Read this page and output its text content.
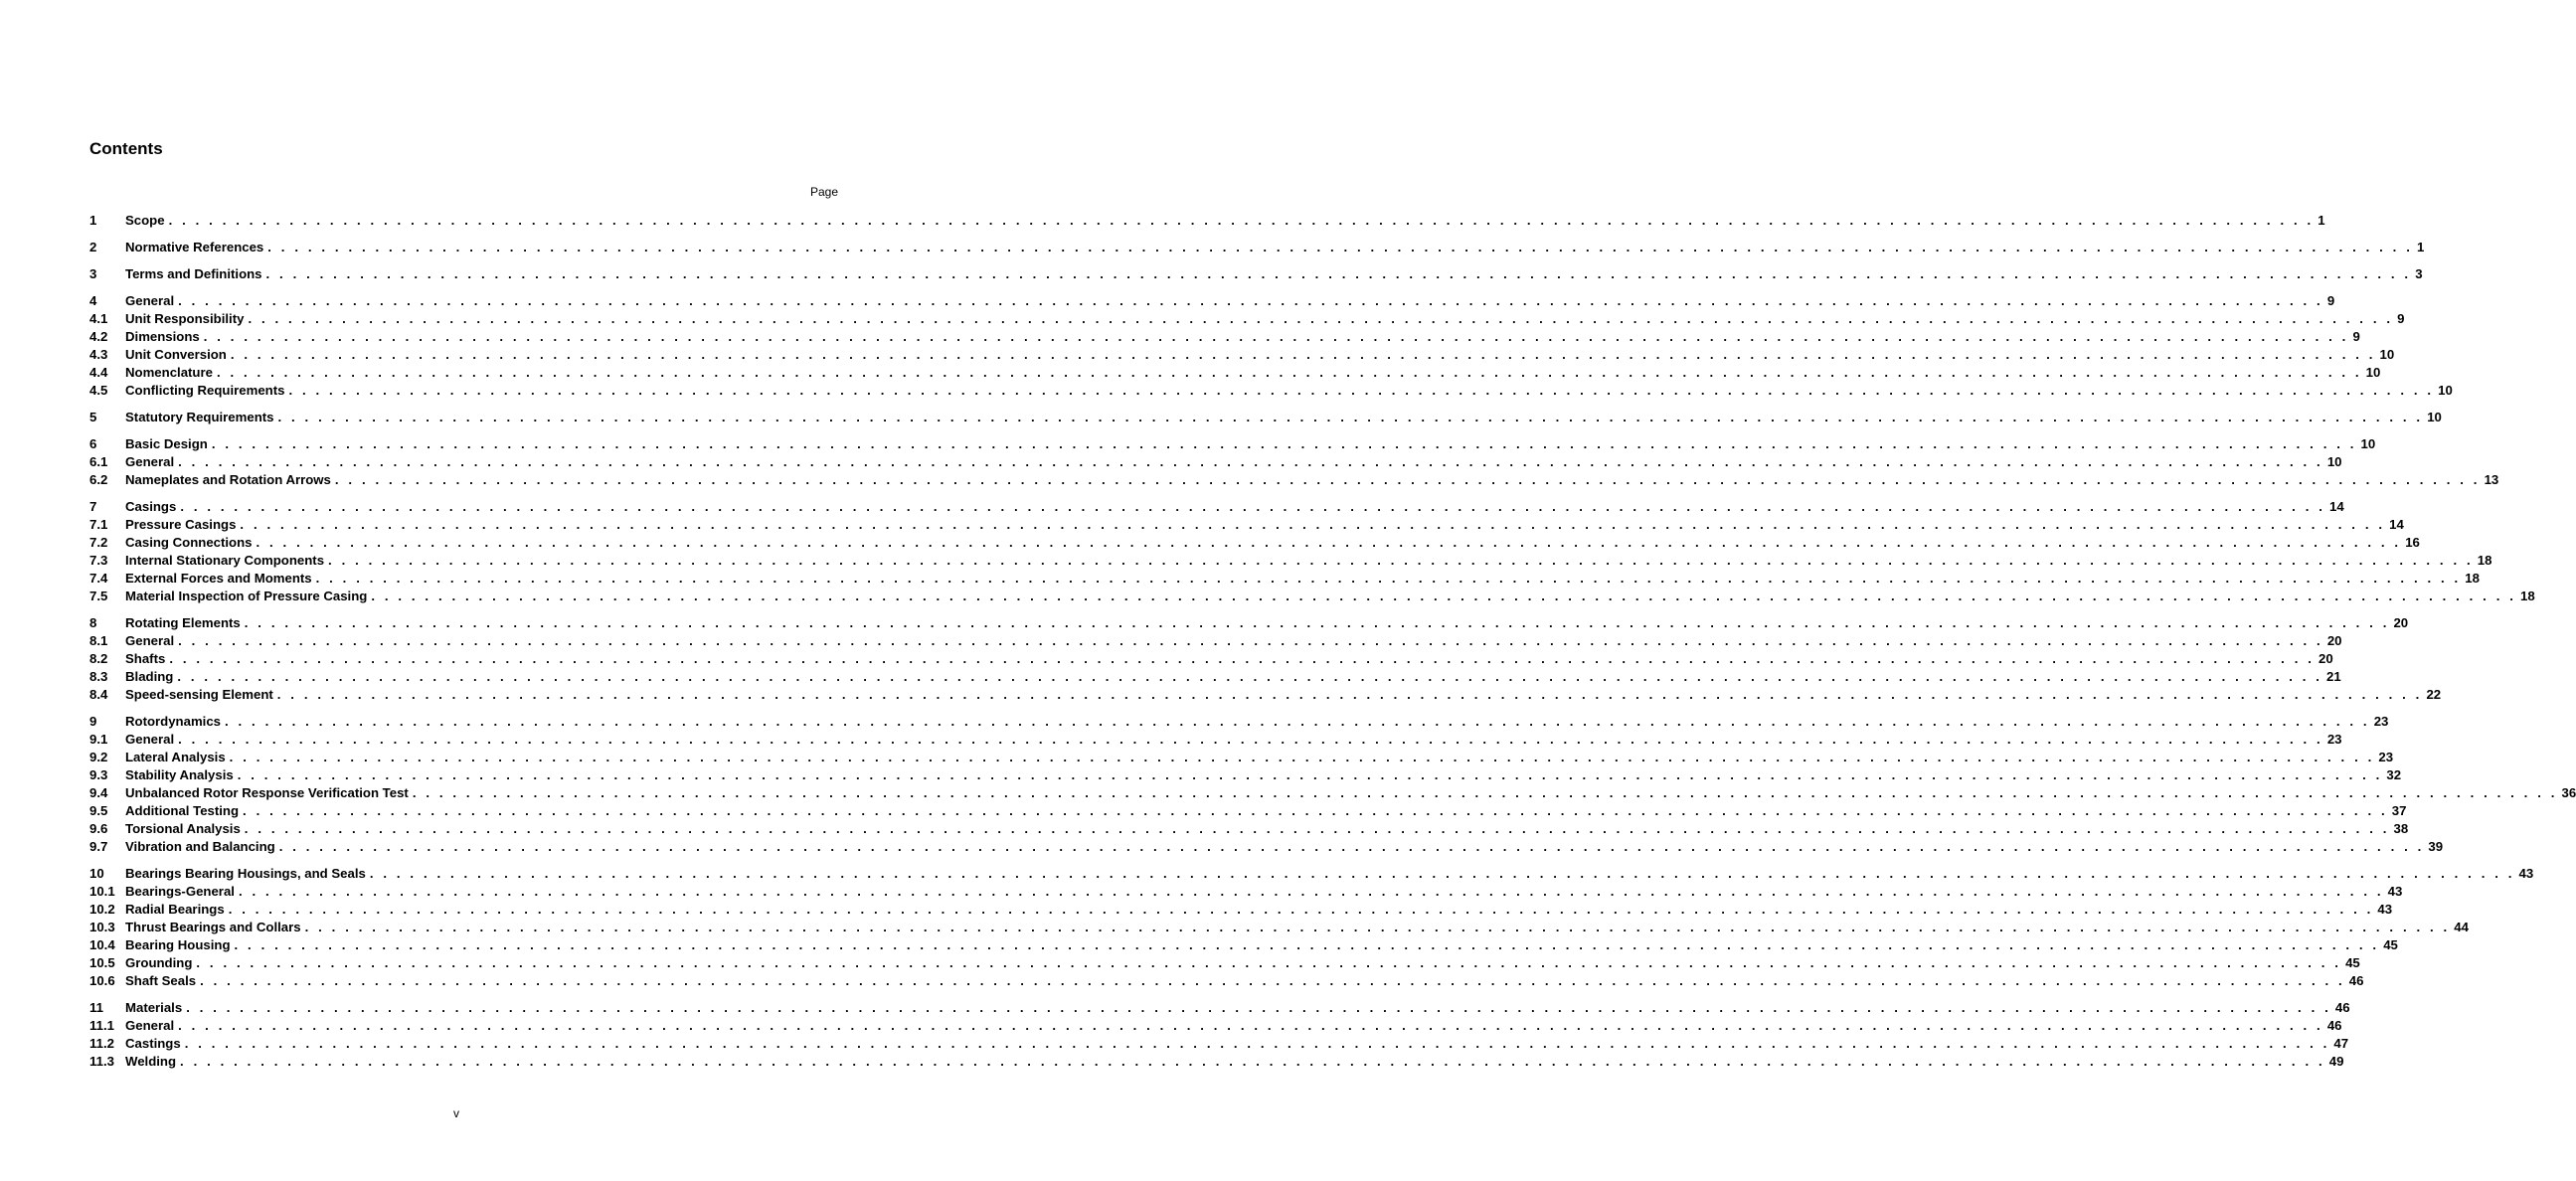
Contents
Page
1	Scope . . . . . . . . . . . . . . . . . . . . . . . . . . . . . . . . . . . . . . . . . . . . . . . . . . . . . . . . . . . . . . . . . . . . . . . . . . . . . . . . . . . . . . . . . . . . . . . . . . . . . . . . . . . . . . . . . . . . . . . . . . . . . . . . . . . . . . . . . . . . . . . . . . . . . . . . . . . . . . . . 1
2	Normative References . . . . . . . . . . . . . . . . . . . . . . . . . . . . . . . . . . . . . . . . . . . . . . . . . . . . . . . . . . . . . . . . . . . . . . . . . . . . . . . . . . . . . . . . . . . . . . . . . . . . . . . . . . . . . . . . . . . . . . . . . . . . . . . . . . . . . . . . . . . . . . . . . . . . . . . . . . . . . . . . 1
3	Terms and Definitions . . . . . . . . . . . . . . . . . . . . . . . . . . . . . . . . . . . . . . . . . . . . . . . . . . . . . . . . . . . . . . . . . . . . . . . . . . . . . . . . . . . . . . . . . . . . . . . . . . . . . . . . . . . . . . . . . . . . . . . . . . . . . . . . . . . . . . . . . . . . . . . . . . . . . . . . . . . . . . . . 3
4	General . . . . . . . . . . . . . . . . . . . . . . . . . . . . . . . . . . . . . . . . . . . . . . . . . . . . . . . . . . . . . . . . . . . . . . . . . . . . . . . . . . . . . . . . . . . . . . . . . . . . . . . . . . . . . . . . . . . . . . . . . . . . . . . . . . . . . . . . . . . . . . . . . . . . . . . . . . . . . . . . 9
4.1	Unit Responsibility . . . . . . . . . . . . . . . . . . . . . . . . . . . . . . . . . . . . . . . . . . . . . . . . . . . . . . . . . . . . . . . . . . . . . . . . . . . . . . . . . . . . . . . . . . . . . . . . . . . . . . . . . . . . . . . . . . . . . . . . . . . . . . . . . . . . . . . . . . . . . . . . . . . . . . . . . . . . . . . . 9
4.2	Dimensions . . . . . . . . . . . . . . . . . . . . . . . . . . . . . . . . . . . . . . . . . . . . . . . . . . . . . . . . . . . . . . . . . . . . . . . . . . . . . . . . . . . . . . . . . . . . . . . . . . . . . . . . . . . . . . . . . . . . . . . . . . . . . . . . . . . . . . . . . . . . . . . . . . . . . . . . . . . . . . . . 9
4.3	Unit Conversion . . . . . . . . . . . . . . . . . . . . . . . . . . . . . . . . . . . . . . . . . . . . . . . . . . . . . . . . . . . . . . . . . . . . . . . . . . . . . . . . . . . . . . . . . . . . . . . . . . . . . . . . . . . . . . . . . . . . . . . . . . . . . . . . . . . . . . . . . . . . . . . . . . . . . . . . . . . . . . . . 10
4.4	Nomenclature . . . . . . . . . . . . . . . . . . . . . . . . . . . . . . . . . . . . . . . . . . . . . . . . . . . . . . . . . . . . . . . . . . . . . . . . . . . . . . . . . . . . . . . . . . . . . . . . . . . . . . . . . . . . . . . . . . . . . . . . . . . . . . . . . . . . . . . . . . . . . . . . . . . . . . . . . . . . . . . . 10
4.5	Conflicting Requirements . . . . . . . . . . . . . . . . . . . . . . . . . . . . . . . . . . . . . . . . . . . . . . . . . . . . . . . . . . . . . . . . . . . . . . . . . . . . . . . . . . . . . . . . . . . . . . . . . . . . . . . . . . . . . . . . . . . . . . . . . . . . . . . . . . . . . . . . . . . . . . . . . . . . . . . . . . . . . . . . 10
5	Statutory Requirements . . . . . . . . . . . . . . . . . . . . . . . . . . . . . . . . . . . . . . . . . . . . . . . . . . . . . . . . . . . . . . . . . . . . . . . . . . . . . . . . . . . . . . . . . . . . . . . . . . . . . . . . . . . . . . . . . . . . . . . . . . . . . . . . . . . . . . . . . . . . . . . . . . . . . . . . . . . . . . . . 10
6	Basic Design . . . . . . . . . . . . . . . . . . . . . . . . . . . . . . . . . . . . . . . . . . . . . . . . . . . . . . . . . . . . . . . . . . . . . . . . . . . . . . . . . . . . . . . . . . . . . . . . . . . . . . . . . . . . . . . . . . . . . . . . . . . . . . . . . . . . . . . . . . . . . . . . . . . . . . . . . . . . . . . . 10
6.1	General . . . . . . . . . . . . . . . . . . . . . . . . . . . . . . . . . . . . . . . . . . . . . . . . . . . . . . . . . . . . . . . . . . . . . . . . . . . . . . . . . . . . . . . . . . . . . . . . . . . . . . . . . . . . . . . . . . . . . . . . . . . . . . . . . . . . . . . . . . . . . . . . . . . . . . . . . . . . . . . . 10
6.2	Nameplates and Rotation Arrows . . . . . . . . . . . . . . . . . . . . . . . . . . . . . . . . . . . . . . . . . . . . . . . . . . . . . . . . . . . . . . . . . . . . . . . . . . . . . . . . . . . . . . . . . . . . . . . . . . . . . . . . . . . . . . . . . . . . . . . . . . . . . . . . . . . . . . . . . . . . . . . . . . . . . . . . . . . . . . . . 13
7	Casings . . . . . . . . . . . . . . . . . . . . . . . . . . . . . . . . . . . . . . . . . . . . . . . . . . . . . . . . . . . . . . . . . . . . . . . . . . . . . . . . . . . . . . . . . . . . . . . . . . . . . . . . . . . . . . . . . . . . . . . . . . . . . . . . . . . . . . . . . . . . . . . . . . . . . . . . . . . . . . . . 14
7.1	Pressure Casings . . . . . . . . . . . . . . . . . . . . . . . . . . . . . . . . . . . . . . . . . . . . . . . . . . . . . . . . . . . . . . . . . . . . . . . . . . . . . . . . . . . . . . . . . . . . . . . . . . . . . . . . . . . . . . . . . . . . . . . . . . . . . . . . . . . . . . . . . . . . . . . . . . . . . . . . . . . . . . . . 14
7.2	Casing Connections . . . . . . . . . . . . . . . . . . . . . . . . . . . . . . . . . . . . . . . . . . . . . . . . . . . . . . . . . . . . . . . . . . . . . . . . . . . . . . . . . . . . . . . . . . . . . . . . . . . . . . . . . . . . . . . . . . . . . . . . . . . . . . . . . . . . . . . . . . . . . . . . . . . . . . . . . . . . . . . . 16
7.3	Internal Stationary Components . . . . . . . . . . . . . . . . . . . . . . . . . . . . . . . . . . . . . . . . . . . . . . . . . . . . . . . . . . . . . . . . . . . . . . . . . . . . . . . . . . . . . . . . . . . . . . . . . . . . . . . . . . . . . . . . . . . . . . . . . . . . . . . . . . . . . . . . . . . . . . . . . . . . . . . . . . . . . . . . 18
7.4	External Forces and Moments . . . . . . . . . . . . . . . . . . . . . . . . . . . . . . . . . . . . . . . . . . . . . . . . . . . . . . . . . . . . . . . . . . . . . . . . . . . . . . . . . . . . . . . . . . . . . . . . . . . . . . . . . . . . . . . . . . . . . . . . . . . . . . . . . . . . . . . . . . . . . . . . . . . . . . . . . . . . . . . . 18
7.5	Material Inspection of Pressure Casing . . . . . . . . . . . . . . . . . . . . . . . . . . . . . . . . . . . . . . . . . . . . . . . . . . . . . . . . . . . . . . . . . . . . . . . . . . . . . . . . . . . . . . . . . . . . . . . . . . . . . . . . . . . . . . . . . . . . . . . . . . . . . . . . . . . . . . . . . . . . . . . . . . . . . . . . . . . . . . . . 18
8	Rotating Elements . . . . . . . . . . . . . . . . . . . . . . . . . . . . . . . . . . . . . . . . . . . . . . . . . . . . . . . . . . . . . . . . . . . . . . . . . . . . . . . . . . . . . . . . . . . . . . . . . . . . . . . . . . . . . . . . . . . . . . . . . . . . . . . . . . . . . . . . . . . . . . . . . . . . . . . . . . . . . . . . 20
8.1	General . . . . . . . . . . . . . . . . . . . . . . . . . . . . . . . . . . . . . . . . . . . . . . . . . . . . . . . . . . . . . . . . . . . . . . . . . . . . . . . . . . . . . . . . . . . . . . . . . . . . . . . . . . . . . . . . . . . . . . . . . . . . . . . . . . . . . . . . . . . . . . . . . . . . . . . . . . . . . . . . 20
8.2	Shafts . . . . . . . . . . . . . . . . . . . . . . . . . . . . . . . . . . . . . . . . . . . . . . . . . . . . . . . . . . . . . . . . . . . . . . . . . . . . . . . . . . . . . . . . . . . . . . . . . . . . . . . . . . . . . . . . . . . . . . . . . . . . . . . . . . . . . . . . . . . . . . . . . . . . . . . . . . . . . . . . 20
8.3	Blading . . . . . . . . . . . . . . . . . . . . . . . . . . . . . . . . . . . . . . . . . . . . . . . . . . . . . . . . . . . . . . . . . . . . . . . . . . . . . . . . . . . . . . . . . . . . . . . . . . . . . . . . . . . . . . . . . . . . . . . . . . . . . . . . . . . . . . . . . . . . . . . . . . . . . . . . . . . . . . . . 21
8.4	Speed-sensing Element . . . . . . . . . . . . . . . . . . . . . . . . . . . . . . . . . . . . . . . . . . . . . . . . . . . . . . . . . . . . . . . . . . . . . . . . . . . . . . . . . . . . . . . . . . . . . . . . . . . . . . . . . . . . . . . . . . . . . . . . . . . . . . . . . . . . . . . . . . . . . . . . . . . . . . . . . . . . . . . . 22
9	Rotordynamics . . . . . . . . . . . . . . . . . . . . . . . . . . . . . . . . . . . . . . . . . . . . . . . . . . . . . . . . . . . . . . . . . . . . . . . . . . . . . . . . . . . . . . . . . . . . . . . . . . . . . . . . . . . . . . . . . . . . . . . . . . . . . . . . . . . . . . . . . . . . . . . . . . . . . . . . . . . . . . . . 23
9.1	General . . . . . . . . . . . . . . . . . . . . . . . . . . . . . . . . . . . . . . . . . . . . . . . . . . . . . . . . . . . . . . . . . . . . . . . . . . . . . . . . . . . . . . . . . . . . . . . . . . . . . . . . . . . . . . . . . . . . . . . . . . . . . . . . . . . . . . . . . . . . . . . . . . . . . . . . . . . . . . . . 23
9.2	Lateral Analysis . . . . . . . . . . . . . . . . . . . . . . . . . . . . . . . . . . . . . . . . . . . . . . . . . . . . . . . . . . . . . . . . . . . . . . . . . . . . . . . . . . . . . . . . . . . . . . . . . . . . . . . . . . . . . . . . . . . . . . . . . . . . . . . . . . . . . . . . . . . . . . . . . . . . . . . . . . . . . . . . 23
9.3	Stability Analysis . . . . . . . . . . . . . . . . . . . . . . . . . . . . . . . . . . . . . . . . . . . . . . . . . . . . . . . . . . . . . . . . . . . . . . . . . . . . . . . . . . . . . . . . . . . . . . . . . . . . . . . . . . . . . . . . . . . . . . . . . . . . . . . . . . . . . . . . . . . . . . . . . . . . . . . . . . . . . . . . 32
9.4	Unbalanced Rotor Response Verification Test . . . . . . . . . . . . . . . . . . . . . . . . . . . . . . . . . . . . . . . . . . . . . . . . . . . . . . . . . . . . . . . . . . . . . . . . . . . . . . . . . . . . . . . . . . . . . . . . . . . . . . . . . . . . . . . . . . . . . . . . . . . . . . . . . . . . . . . . . . . . . . . . . . . . . . . . . . . . . . . . 36
9.5	Additional Testing . . . . . . . . . . . . . . . . . . . . . . . . . . . . . . . . . . . . . . . . . . . . . . . . . . . . . . . . . . . . . . . . . . . . . . . . . . . . . . . . . . . . . . . . . . . . . . . . . . . . . . . . . . . . . . . . . . . . . . . . . . . . . . . . . . . . . . . . . . . . . . . . . . . . . . . . . . . . . . . . 37
9.6	Torsional Analysis . . . . . . . . . . . . . . . . . . . . . . . . . . . . . . . . . . . . . . . . . . . . . . . . . . . . . . . . . . . . . . . . . . . . . . . . . . . . . . . . . . . . . . . . . . . . . . . . . . . . . . . . . . . . . . . . . . . . . . . . . . . . . . . . . . . . . . . . . . . . . . . . . . . . . . . . . . . . . . . . 38
9.7	Vibration and Balancing . . . . . . . . . . . . . . . . . . . . . . . . . . . . . . . . . . . . . . . . . . . . . . . . . . . . . . . . . . . . . . . . . . . . . . . . . . . . . . . . . . . . . . . . . . . . . . . . . . . . . . . . . . . . . . . . . . . . . . . . . . . . . . . . . . . . . . . . . . . . . . . . . . . . . . . . . . . . . . . . 39
10	Bearings Bearing Housings, and Seals . . . . . . . . . . . . . . . . . . . . . . . . . . . . . . . . . . . . . . . . . . . . . . . . . . . . . . . . . . . . . . . . . . . . . . . . . . . . . . . . . . . . . . . . . . . . . . . . . . . . . . . . . . . . . . . . . . . . . . . . . . . . . . . . . . . . . . . . . . . . . . . . . . . . . . . . . . . . . . . . 43
10.1 Bearings-General . . . . . . . . . . . . . . . . . . . . . . . . . . . . . . . . . . . . . . . . . . . . . . . . . . . . . . . . . . . . . . . . . . . . . . . . . . . . . . . . . . . . . . . . . . . . . . . . . . . . . . . . . . . . . . . . . . . . . . . . . . . . . . . . . . . . . . . . . . . . . . . . . . . . . . . . . . . . . . . . 43
10.2 Radial Bearings . . . . . . . . . . . . . . . . . . . . . . . . . . . . . . . . . . . . . . . . . . . . . . . . . . . . . . . . . . . . . . . . . . . . . . . . . . . . . . . . . . . . . . . . . . . . . . . . . . . . . . . . . . . . . . . . . . . . . . . . . . . . . . . . . . . . . . . . . . . . . . . . . . . . . . . . . . . . . . . . 43
10.3 Thrust Bearings and Collars . . . . . . . . . . . . . . . . . . . . . . . . . . . . . . . . . . . . . . . . . . . . . . . . . . . . . . . . . . . . . . . . . . . . . . . . . . . . . . . . . . . . . . . . . . . . . . . . . . . . . . . . . . . . . . . . . . . . . . . . . . . . . . . . . . . . . . . . . . . . . . . . . . . . . . . . . . . . . . . . 44
10.4 Bearing Housing . . . . . . . . . . . . . . . . . . . . . . . . . . . . . . . . . . . . . . . . . . . . . . . . . . . . . . . . . . . . . . . . . . . . . . . . . . . . . . . . . . . . . . . . . . . . . . . . . . . . . . . . . . . . . . . . . . . . . . . . . . . . . . . . . . . . . . . . . . . . . . . . . . . . . . . . . . . . . . . . 45
10.5 Grounding . . . . . . . . . . . . . . . . . . . . . . . . . . . . . . . . . . . . . . . . . . . . . . . . . . . . . . . . . . . . . . . . . . . . . . . . . . . . . . . . . . . . . . . . . . . . . . . . . . . . . . . . . . . . . . . . . . . . . . . . . . . . . . . . . . . . . . . . . . . . . . . . . . . . . . . . . . . . . . . . 45
10.6 Shaft Seals . . . . . . . . . . . . . . . . . . . . . . . . . . . . . . . . . . . . . . . . . . . . . . . . . . . . . . . . . . . . . . . . . . . . . . . . . . . . . . . . . . . . . . . . . . . . . . . . . . . . . . . . . . . . . . . . . . . . . . . . . . . . . . . . . . . . . . . . . . . . . . . . . . . . . . . . . . . . . . . . 46
11	Materials . . . . . . . . . . . . . . . . . . . . . . . . . . . . . . . . . . . . . . . . . . . . . . . . . . . . . . . . . . . . . . . . . . . . . . . . . . . . . . . . . . . . . . . . . . . . . . . . . . . . . . . . . . . . . . . . . . . . . . . . . . . . . . . . . . . . . . . . . . . . . . . . . . . . . . . . . . . . . . . . 46
11.1 General . . . . . . . . . . . . . . . . . . . . . . . . . . . . . . . . . . . . . . . . . . . . . . . . . . . . . . . . . . . . . . . . . . . . . . . . . . . . . . . . . . . . . . . . . . . . . . . . . . . . . . . . . . . . . . . . . . . . . . . . . . . . . . . . . . . . . . . . . . . . . . . . . . . . . . . . . . . . . . . . 46
11.2 Castings . . . . . . . . . . . . . . . . . . . . . . . . . . . . . . . . . . . . . . . . . . . . . . . . . . . . . . . . . . . . . . . . . . . . . . . . . . . . . . . . . . . . . . . . . . . . . . . . . . . . . . . . . . . . . . . . . . . . . . . . . . . . . . . . . . . . . . . . . . . . . . . . . . . . . . . . . . . . . . . . 47
11.3 Welding . . . . . . . . . . . . . . . . . . . . . . . . . . . . . . . . . . . . . . . . . . . . . . . . . . . . . . . . . . . . . . . . . . . . . . . . . . . . . . . . . . . . . . . . . . . . . . . . . . . . . . . . . . . . . . . . . . . . . . . . . . . . . . . . . . . . . . . . . . . . . . . . . . . . . . . . . . . . . . . . 49
v
